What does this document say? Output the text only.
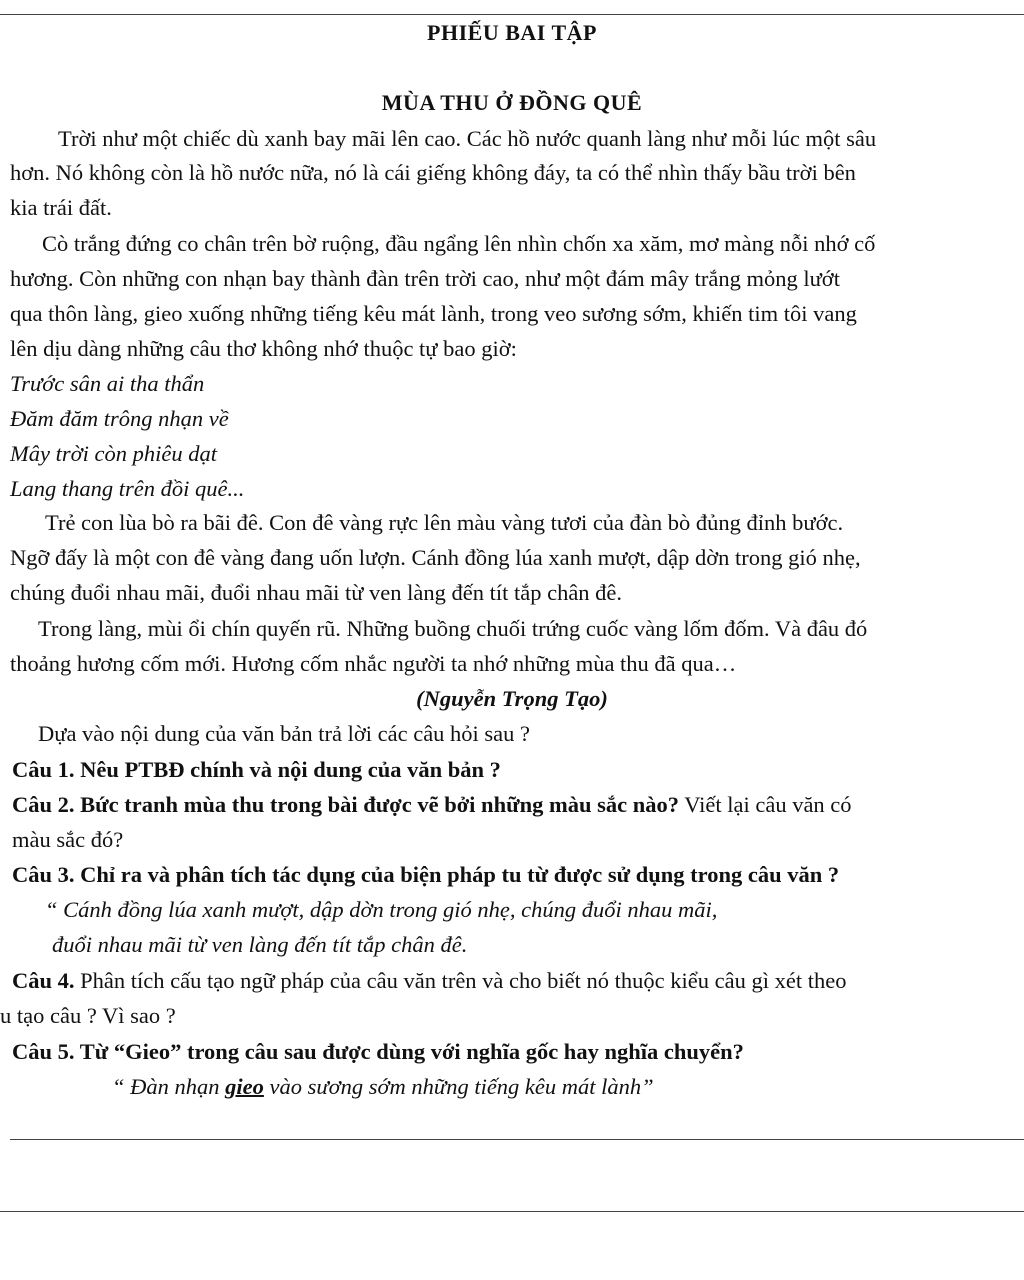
PHIẾU BAI TẬP
MÙA THU Ở ĐỒNG QUÊ
Trời như một chiếc dù xanh bay mãi lên cao. Các hồ nước quanh làng như mỗi lúc một sâu
hơn. Nó không còn là hồ nước nữa, nó là cái giếng không đáy, ta có thể nhìn thấy bầu trời bên
kia trái đất.
Cò trắng đứng co chân trên bờ ruộng, đầu ngẩng lên nhìn chốn xa xăm, mơ màng nỗi nhớ cố
hương. Còn những con nhạn bay thành đàn trên trời cao, như một đám mây trắng mỏng lướt
qua thôn làng, gieo xuống những tiếng kêu mát lành, trong veo sương sớm, khiến tim tôi vang
lên dịu dàng những câu thơ không nhớ thuộc tự bao giờ:
Trước sân ai tha thẩn
Đăm đăm trông nhạn về
Mây trời còn phiêu dạt
Lang thang trên đồi quê...
Trẻ con lùa bò ra bãi đê. Con đê vàng rực lên màu vàng tươi của đàn bò đủng đỉnh bước.
Ngỡ đấy là một con đê vàng đang uốn lượn. Cánh đồng lúa xanh mượt, dập dờn trong gió nhẹ,
chúng đuổi nhau mãi, đuổi nhau mãi từ ven làng đến tít tắp chân đê.
Trong làng, mùi ổi chín quyến rũ. Những buồng chuối trứng cuốc vàng lốm đốm. Và đâu đó
thoảng hương cốm mới. Hương cốm nhắc người ta nhớ những mùa thu đã qua…
(Nguyễn Trọng Tạo)
Dựa vào nội dung của văn bản trả lời các câu hỏi sau ?
Câu 1. Nêu PTBĐ chính và nội dung của văn bản ?
Câu 2. Bức tranh mùa thu trong bài được vẽ bởi những màu sắc nào? Viết lại câu văn có
màu sắc đó?
Câu 3. Chỉ ra và phân tích tác dụng của biện pháp tu từ được sử dụng trong câu văn ?
“ Cánh đồng lúa xanh mượt, dập dờn trong gió nhẹ, chúng đuổi nhau mãi,
đuổi nhau mãi từ ven làng đến tít tắp chân đê.
Câu 4. Phân tích cấu tạo ngữ pháp của câu văn trên và cho biết nó thuộc kiểu câu gì xét theo
u tạo câu ? Vì sao ?
Câu 5. Từ “Gieo” trong câu sau được dùng với nghĩa gốc hay nghĩa chuyển?
“ Đàn nhạn gieo vào sương sớm những tiếng kêu mát lành”
